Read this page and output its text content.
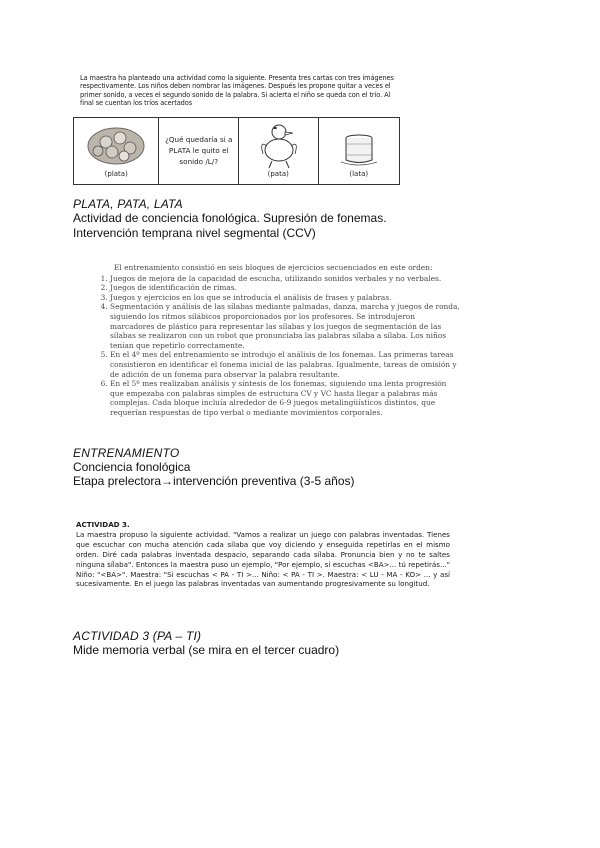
La maestra ha planteado una actividad como la siguiente. Presenta tres cartas con tres imágenes respectivamente. Los niños deben nombrar las imágenes. Después les propone quitar a veces el primer sonido, a veces el segundo sonido de la palabra. Si acierta el niño se queda con el trío. Al final se cuentan los tríos acertados

(plata)
¿Qué quedaría si a PLATA le quito el sonido /L/?
(pata)	(lata)
PLATA, PATA, LATA
Actividad de conciencia fonológica. Supresión de fonemas.
Intervención temprana nivel segmental (CCV)

El entrenamiento consistió en seis bloques de ejercicios secuenciados en este orden:

1. Juegos de mejora de la capacidad de escucha, utilizando sonidos verbales y no verbales.
2. Juegos de identificación de rimas.
3. Juegos y ejercicios en los que se introducía el análisis de frases y palabras.
4. Segmentación y análisis de las sílabas mediante palmadas, danza, marcha y juegos de ronda, siguiendo los ritmos silábicos proporcionados por los profesores. Se introdujeron marcadores de plástico para representar las sílabas y los juegos de segmentación de las sílabas se realizaron con un robot que pronunciaba las palabras sílaba a sílaba. Los niños tenían que repetirlo correctamente.
5. En el 4º mes del entrenamiento se introdujo el análisis de los fonemas. Las primeras tareas consistieron en identificar el fonema inicial de las palabras. Igualmente, tareas de omisión y de adición de un fonema para observar la palabra resultante.
6. En el 5º mes realizaban análisis y síntesis de los fonemas, siguiendo una lenta progresión que empezaba con palabras simples de estructura CV y VC hasta llegar a palabras más complejas. Cada bloque incluía alrededor de 6-9 juegos metalingüísticos distintos, que requerían respuestas de tipo verbal o mediante movimientos corporales.
ENTRENAMIENTO
Conciencia fonológica
Etapa prelectora→intervención preventiva (3-5 años)

ACTIVIDAD 3.

La maestra propuso la siguiente actividad. "Vamos a realizar un juego con palabras inventadas. Tienes que escuchar con mucha atención cada sílaba que voy diciendo y enseguida repetirlas en el mismo orden. Diré cada palabras inventada despacio, separando cada sílaba. Pronuncia bien y no te saltes ninguna sílaba". Entonces la maestra puso un ejemplo, "Por ejemplo, si escuchas <BA>... tú repetirás..." Niño: "<BA>". Maestra: "Si escuchas < PA - TI >... Niño: < PA - TI >. Maestra: < LU - MA - KO> ... y así sucesivamente. En el juego las palabras inventadas van aumentando progresivamente su longitud.

ACTIVIDAD 3 (PA – TI)
Mide memoria verbal (se mira en el tercer cuadro)
